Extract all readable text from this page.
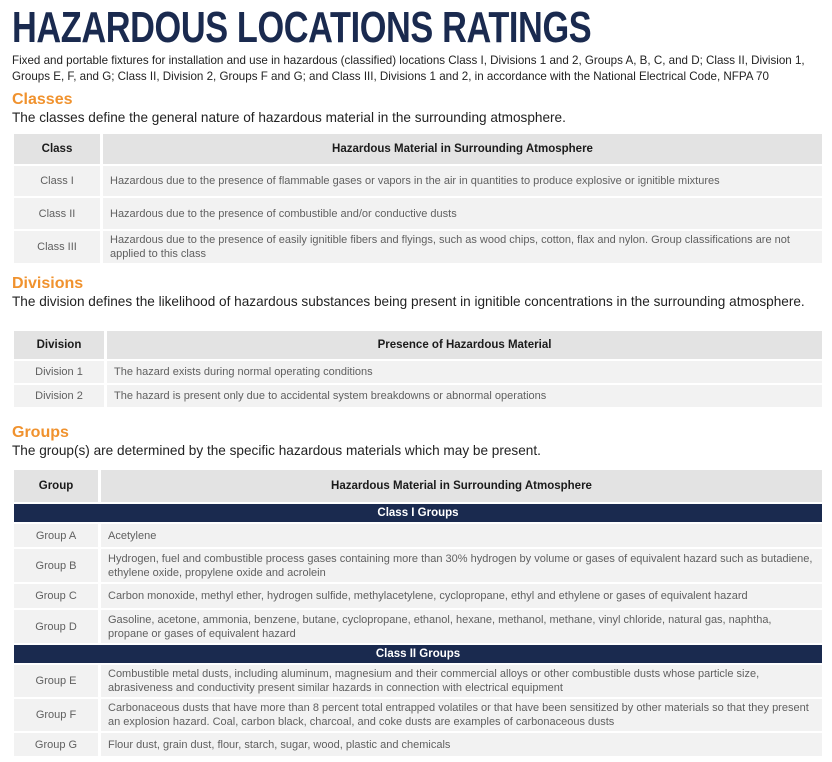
HAZARDOUS LOCATIONS RATINGS
Fixed and portable fixtures for installation and use in hazardous (classified) locations Class I, Divisions 1 and 2, Groups A, B, C, and D; Class II, Division 1, Groups E, F, and G; Class II, Division 2, Groups F and G; and Class III, Divisions 1 and 2, in accordance with the National Electrical Code, NFPA 70
Classes
The classes define the general nature of hazardous material in the surrounding atmosphere.
Class	Hazardous Material in Surrounding Atmosphere
Class I	Hazardous due to the presence of flammable gases or vapors in the air in quantities to produce explosive or ignitible mixtures
Class II	Hazardous due to the presence of combustible and/or conductive dusts
Class III	Hazardous due to the presence of easily ignitible fibers and flyings, such as wood chips, cotton, flax and nylon. Group classifications are not applied to this class
Divisions
The division defines the likelihood of hazardous substances being present in ignitible concentrations in the surrounding atmosphere.
Division	Presence of Hazardous Material
Division 1	The hazard exists during normal operating conditions
Division 2	The hazard is present only due to accidental system breakdowns or abnormal operations
Groups
The group(s) are determined by the specific hazardous materials which may be present.
Group	Hazardous Material in Surrounding Atmosphere
Class I Groups	
Group A	Acetylene
Group B	Hydrogen, fuel and combustible process gases containing more than 30% hydrogen by volume or gases of equivalent hazard such as butadiene, ethylene oxide, propylene oxide and acrolein
Group C	Carbon monoxide, methyl ether, hydrogen sulfide, methylacetylene, cyclopropane, ethyl and ethylene or gases of equivalent hazard
Group D	Gasoline, acetone, ammonia, benzene, butane, cyclopropane, ethanol, hexane, methanol, methane, vinyl chloride, natural gas, naphtha, propane or gases of equivalent hazard
Class II Groups	
Group E	Combustible metal dusts, including aluminum, magnesium and their commercial alloys or other combustible dusts whose particle size, abrasiveness and conductivity present similar hazards in connection with electrical equipment
Group F	Carbonaceous dusts that have more than 8 percent total entrapped volatiles or that have been sensitized by other materials so that they present an explosion hazard. Coal, carbon black, charcoal, and coke dusts are examples of carbonaceous dusts
Group G	Flour dust, grain dust, flour, starch, sugar, wood, plastic and chemicals
